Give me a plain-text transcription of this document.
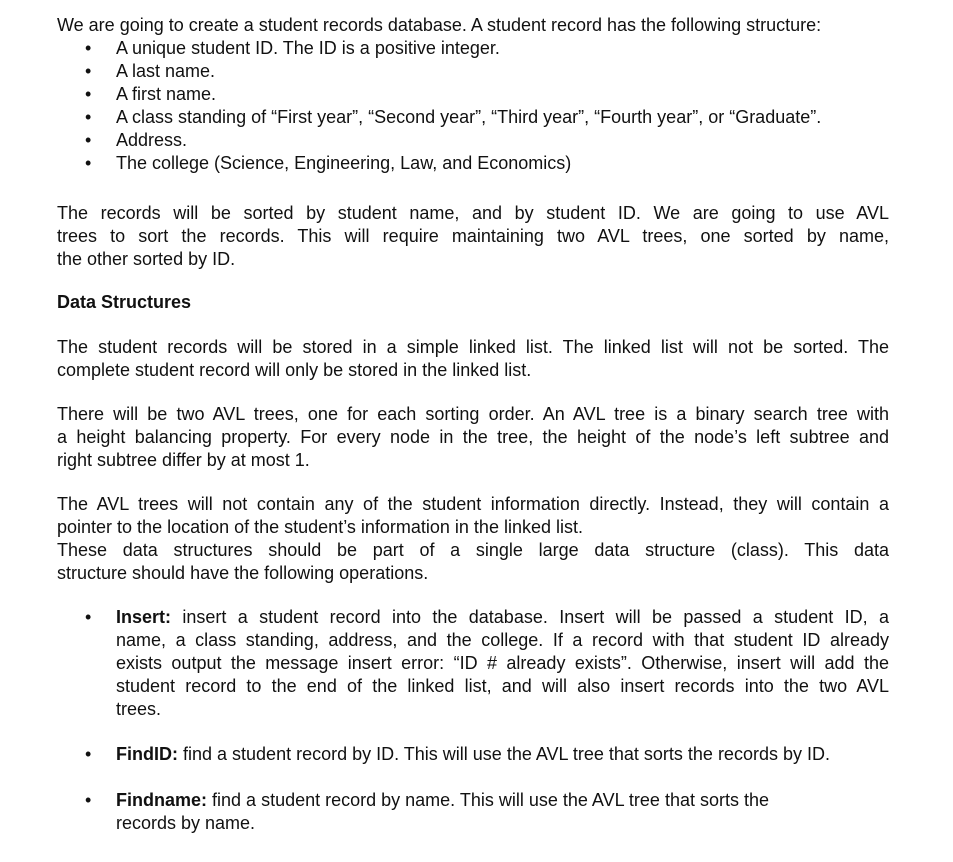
We are going to create a student records database. A student record has the following structure:

• A unique student ID. The ID is a positive integer.
• A last name.
• A first name.
• A class standing of “First year”, “Second year”, “Third year”, “Fourth year”, or “Graduate”.
• Address.
• The college (Science, Engineering, Law, and Economics)

The records will be sorted by student name, and by student ID. We are going to use AVL
trees to sort the records. This will require maintaining two AVL trees, one sorted by name,
the other sorted by ID.

Data Structures

The student records will be stored in a simple linked list. The linked list will not be sorted. The
complete student record will only be stored in the linked list.

There will be two AVL trees, one for each sorting order. An AVL tree is a binary search tree with
a height balancing property. For every node in the tree, the height of the node’s left subtree and
right subtree differ by at most 1.

The AVL trees will not contain any of the student information directly. Instead, they will contain a
pointer to the location of the student’s information in the linked list.

These data structures should be part of a single large data structure (class). This data
structure should have the following operations.

• Insert: insert a student record into the database. Insert will be passed a student ID, a
name, a class standing, address, and the college. If a record with that student ID already
exists output the message insert error: “ID # already exists”. Otherwise, insert will add the
student record to the end of the linked list, and will also insert records into the two AVL
trees.
• FindID: find a student record by ID. This will use the AVL tree that sorts the records by ID.
• Findname: find a student record by name. This will use the AVL tree that sorts the
records by name.
